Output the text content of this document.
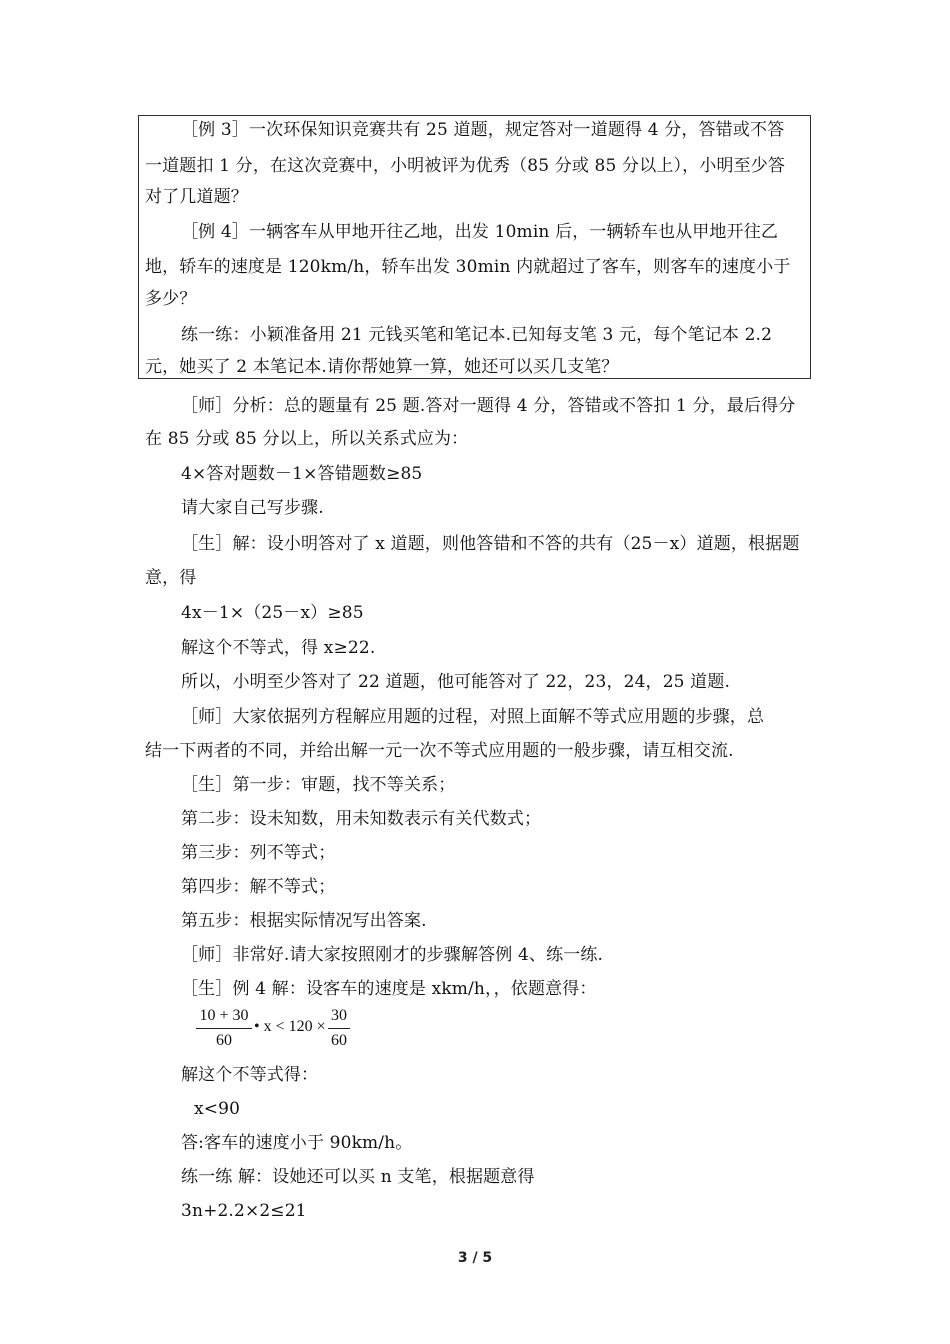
［例 3］一次环保知识竞赛共有 25 道题，规定答对一道题得 4 分，答错或不答
一道题扣 1 分，在这次竞赛中，小明被评为优秀（85 分或 85 分以上），小明至少答
对了几道题？
［例 4］一辆客车从甲地开往乙地，出发 10min 后，一辆轿车也从甲地开往乙
地，轿车的速度是 120km/h，轿车出发 30min 内就超过了客车，则客车的速度小于
多少？
练一练：小颖准备用 21 元钱买笔和笔记本.已知每支笔 3 元，每个笔记本 2.2
元，她买了 2 本笔记本.请你帮她算一算，她还可以买几支笔？
［师］分析：总的题量有 25 题.答对一题得 4 分，答错或不答扣 1 分，最后得分
在 85 分或 85 分以上，所以关系式应为：
4×答对题数－1×答错题数≥85
请大家自己写步骤.
［生］解：设小明答对了 x 道题，则他答错和不答的共有（25－x）道题，根据题
意，得
4x－1×（25－x）≥85
解这个不等式，得 x≥22.
所以，小明至少答对了 22 道题，他可能答对了 22，23，24，25 道题.
［师］大家依据列方程解应用题的过程，对照上面解不等式应用题的步骤，总
结一下两者的不同，并给出解一元一次不等式应用题的一般步骤，请互相交流.
［生］第一步：审题，找不等关系；
第二步：设未知数，用未知数表示有关代数式；
第三步：列不等式；
第四步：解不等式；
第五步：根据实际情况写出答案.
［师］非常好.请大家按照刚才的步骤解答例 4、练一练.
［生］例 4 解：设客车的速度是 xkm/h，，依题意得：
10 + 30
60
• x < 120 ×
30
60
解这个不等式得：
x<90
答:客车的速度小于 90km/h。
练一练 解：设她还可以买 n 支笔，根据题意得
3n+2.2×2≤21
3 / 5
